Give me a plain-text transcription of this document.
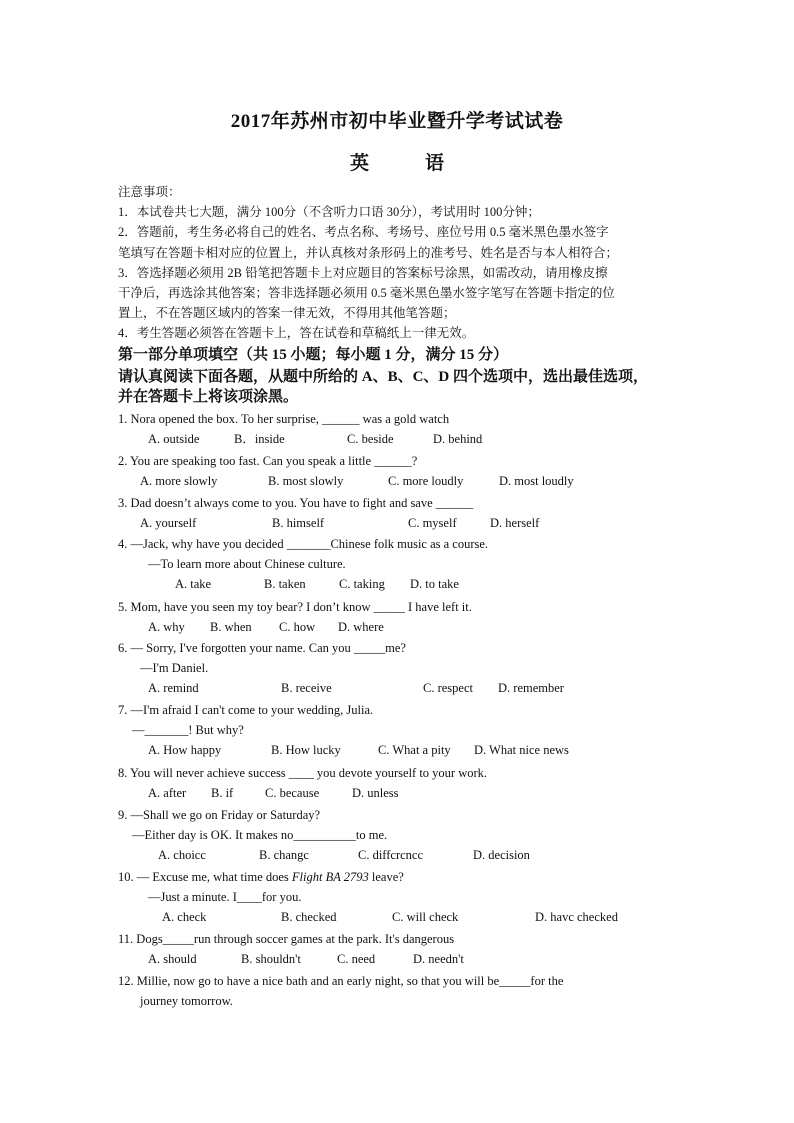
2017年苏州市初中毕业暨升学考试试卷
英	语
注意事项：
1．本试卷共七大题，满分 100分（不含听力口语 30分），考试用时 100分钟；
2．答题前，考生务必将自己的姓名、考点名称、考场号、座位号用 0.5 毫米黑色墨水签字
笔填写在答题卡相对应的位置上，并认真核对条形码上的准考号、姓名是否与本人相符合；
3．答选择题必须用 2B 铅笔把答题卡上对应题目的答案标号涂黑，如需改动，请用橡皮擦
干净后，再选涂其他答案；答非选择题必须用 0.5 毫米黑色墨水签字笔写在答题卡指定的位
置上，不在答题区域内的答案一律无效，不得用其他笔答题；
4．考生答题必须答在答题卡上，答在试卷和草稿纸上一律无效。
第一部分单项填空（共 15 小题；每小题 1 分，满分 15 分）
请认真阅读下面各题，从题中所给的 A、B、C、D 四个选项中，选出最佳选项，
并在答题卡上将该项涂黑。
1. Nora opened the box. To her surprise, ______ was a gold watch
A. outside	B．inside	C. beside	D. behind
2. You are speaking too fast. Can you speak a little ______?
A. more slowly	B. most slowly	C. more loudly	D. most loudly
3. Dad doesn’t always come to you. You have to fight and save ______
A. yourself	B. himself	C. myself	D. herself
4. —Jack, why have you decided _______Chinese folk music as a course.
—To learn more about Chinese culture.
A. take	B. taken	C. taking	D. to take
5. Mom, have you seen my toy bear? I don’t know _____ I have left it.
A. why	B. when	C. how	D. where
6. — Sorry, I've forgotten your name. Can you _____me?
—I'm Daniel.
A. remind	B. receive	C. respect	D. remember
7. —I'm afraid I can't come to your wedding, Julia.
—_______! But why?
A. How happy	B. How lucky	C. What a pity	D. What nice news
8. You will never achieve success ____ you devote yourself to your work.
A. after	B. if	C. because	D. unless
9. —Shall we go on Friday or Saturday?
—Either day is OK. It makes no__________to me.
A. choicc	B. changc	C. diffcrcncc	D. decision
10. — Excuse me, what time does Flight BA 2793 leave?
—Just a minute. I____for you.
A. check	B. checked	C. will check	D. havc checked
11. Dogs_____run through soccer games at the park. It's dangerous
A. should	B. shouldn't	C. need	D. needn't
12. Millie, now go to have a nice bath and an early night, so that you will be_____for the
journey tomorrow.
